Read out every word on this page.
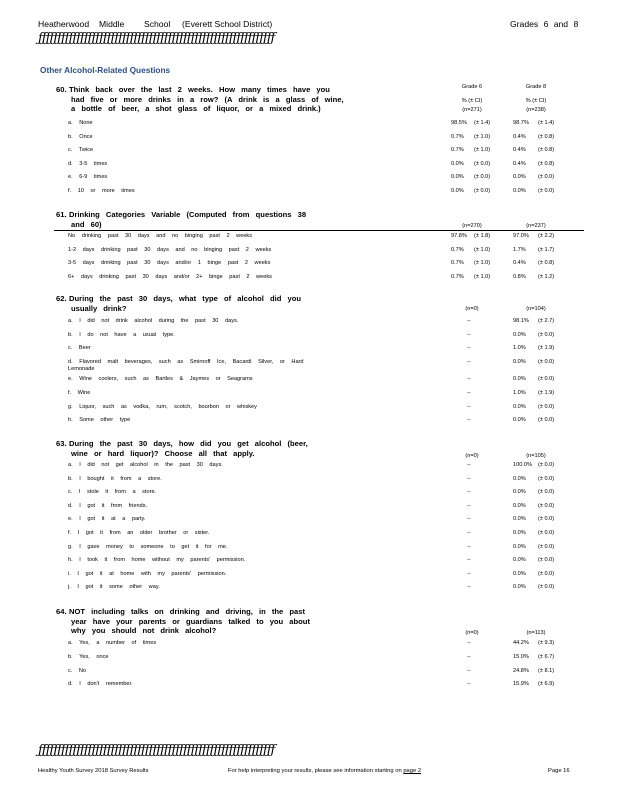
Heatherwood Middle School (Everett School District)	Grades 6 and 8
ƒƒƒƒƒƒƒƒƒƒƒƒƒƒƒƒƒƒƒƒƒƒƒƒƒƒƒƒƒƒƒƒƒƒƒƒƒƒƒƒƒƒƒƒƒƒƒƒƒƒƒƒƒƒƒƒƒƒƒƒƒƒ
Other Alcohol-Related Questions
60. Think back over the last 2 weeks. How many times have you
had five or more drinks in a row? (A drink is a glass of wine,
a bottle of beer, a shot glass of liquor, or a mixed drink.)
Grade 6	Grade 8
% (± CI)	% (± CI)
(n=271)	(n=238)
a. None	98.5% (± 1.4)	98.7% (± 1.4)
b. Once	0.7% (± 1.0)	0.4% (± 0.8)
c. Twice	0.7% (± 1.0)	0.4% (± 0.8)
d. 3-5 times	0.0% (± 0.0)	0.4% (± 0.8)
e. 6-9 times	0.0% (± 0.0)	0.0% (± 0.0)
f. 10 or more times	0.0% (± 0.0)	0.0% (± 0.0)
61. Drinking Categories Variable (Computed from questions 38
and 60)	(n=270)	(n=237)
No drinking past 30 days and no binging past 2 weeks	97.8% (± 1.8)	97.0% (± 2.2)
1-2 days drinking past 30 days and no binging past 2 weeks	0.7% (± 1.0)	1.7% (± 1.7)
3-5 days drinking past 30 days and/or 1 binge past 2 weeks	0.7% (± 1.0)	0.4% (± 0.8)
6+ days drinking past 30 days and/or 2+ binge past 2 weeks	0.7% (± 1.0)	0.8% (± 1.2)
62. During the past 30 days, what type of alcohol did you
usually drink?	(n=0)	(n=104)
a. I did not drink alcohol during the past 30 days.	--	98.1% (± 2.7)
b. I do not have a usual type.	--	0.0% (± 0.0)
c. Beer	--	1.0% (± 1.9)
d. Flavored malt beverages, such as Smirnoff Ice, Bacardi Silver, or Hard
Lemonade
--	0.0% (± 0.0)
e. Wine coolers, such as Bartles & Jaymes or Seagrams	--	0.0% (± 0.0)
f. Wine	--	1.0% (± 1.9)
g. Liquor, such as vodka, rum, scotch, bourbon or whiskey	--	0.0% (± 0.0)
h. Some other type	--	0.0% (± 0.0)
63. During the past 30 days, how did you get alcohol (beer,
wine or hard liquor)? Choose all that apply.	(n=0)	(n=105)
a. I did not get alcohol in the past 30 days.	--	100.0% (± 0.0)
b. I bought it from a store.	--	0.0% (± 0.0)
c. I stole it from a store.	--	0.0% (± 0.0)
d. I got it from friends.	--	0.0% (± 0.0)
e. I got it at a party.	--	0.0% (± 0.0)
f. I got it from an older brother or sister.	--	0.0% (± 0.0)
g. I gave money to someone to get it for me.	--	0.0% (± 0.0)
h. I took it from home without my parents' permission.	--	0.0% (± 0.0)
i. I got it at home with my parents' permission.	--	0.0% (± 0.0)
j. I got it some other way.	--	0.0% (± 0.0)
64. NOT including talks on drinking and driving, in the past
year have your parents or guardians talked to you about
why you should not drink alcohol?	(n=0)	(n=113)
a. Yes, a number of times	--	44.2% (± 9.3)
b. Yes, once	--	15.0% (± 6.7)
c. No	--	24.8% (± 8.1)
d. I don't remember.	--	15.9% (± 6.9)
ƒƒƒƒƒƒƒƒƒƒƒƒƒƒƒƒƒƒƒƒƒƒƒƒƒƒƒƒƒƒƒƒƒƒƒƒƒƒƒƒƒƒƒƒƒƒƒƒƒƒƒƒƒƒƒƒƒƒƒƒƒƒ
Healthy Youth Survey 2018 Survey Results	For help interpreting your results, please see information starting on page 2	Page 16
